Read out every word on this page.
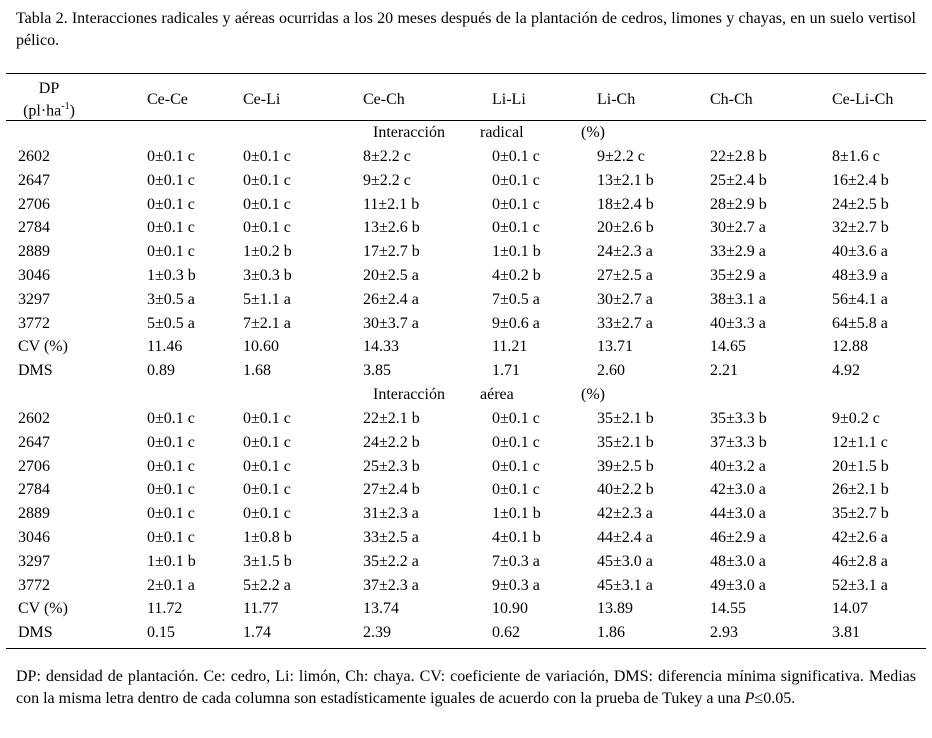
Tabla 2. Interacciones radicales y aéreas ocurridas a los 20 meses después de la plantación de cedros, limones y chayas, en un suelo vertisol pélico.
DP
$(pl\cdot ha^{-1})$
Ce-Ce	Ce-Li	Ce-Ch	Li-Li	Li-Ch	Ch-Ch	Ce-Li-Ch
Interacción radical	(%)
2602	0±0.1 c	0±0.1 c	8±2.2 c	0±0.1 c	9±2.2 c	22±2.8 b	8±1.6 c
2647	0±0.1 c	0±0.1 c	9±2.2 c	0±0.1 c	13±2.1 b	25±2.4 b	16±2.4 b
2706	0±0.1 c	0±0.1 c	11±2.1 b	0±0.1 c	18±2.4 b	28±2.9 b	24±2.5 b
2784	0±0.1 c	0±0.1 c	13±2.6 b	0±0.1 c	20±2.6 b	30±2.7 a	32±2.7 b
2889	0±0.1 c	1±0.2 b	17±2.7 b	1±0.1 b	24±2.3 a	33±2.9 a	40±3.6 a
3046	1±0.3 b	3±0.3 b	20±2.5 a	4±0.2 b	27±2.5 a	35±2.9 a	48±3.9 a
3297	3±0.5 a	5±1.1 a	26±2.4 a	7±0.5 a	30±2.7 a	38±3.1 a	56±4.1 a
3772	5±0.5 a	7±2.1 a	30±3.7 a	9±0.6 a	33±2.7 a	40±3.3 a	64±5.8 a
CV (%)	11.46	10.60	14.33	11.21	13.71	14.65	12.88
DMS	0.89	1.68	3.85	1.71	2.60	2.21	4.92
Interacción aérea	(%)
2602	0±0.1 c	0±0.1 c	22±2.1 b	0±0.1 c	35±2.1 b	35±3.3 b	9±0.2 c
2647	0±0.1 c	0±0.1 c	24±2.2 b	0±0.1 c	35±2.1 b	37±3.3 b	12±1.1 c
2706	0±0.1 c	0±0.1 c	25±2.3 b	0±0.1 c	39±2.5 b	40±3.2 a	20±1.5 b
2784	0±0.1 c	0±0.1 c	27±2.4 b	0±0.1 c	40±2.2 b	42±3.0 a	26±2.1 b
2889	0±0.1 c	0±0.1 c	31±2.3 a	1±0.1 b	42±2.3 a	44±3.0 a	35±2.7 b
3046	0±0.1 c	1±0.8 b	33±2.5 a	4±0.1 b	44±2.4 a	46±2.9 a	42±2.6 a
3297	1±0.1 b	3±1.5 b	35±2.2 a	7±0.3 a	45±3.0 a	48±3.0 a	46±2.8 a
3772	2±0.1 a	5±2.2 a	37±2.3 a	9±0.3 a	45±3.1 a	49±3.0 a	52±3.1 a
CV (%)	11.72	11.77	13.74	10.90	13.89	14.55	14.07
DMS	0.15	1.74	2.39	0.62	1.86	2.93	3.81
DP: densidad de plantación. Ce: cedro, Li: limón, Ch: chaya. CV: coeficiente de variación, DMS: diferencia mínima significativa. Medias con la misma letra dentro de cada columna son estadísticamente iguales de acuerdo con la prueba de Tukey a una P≤0.05.
